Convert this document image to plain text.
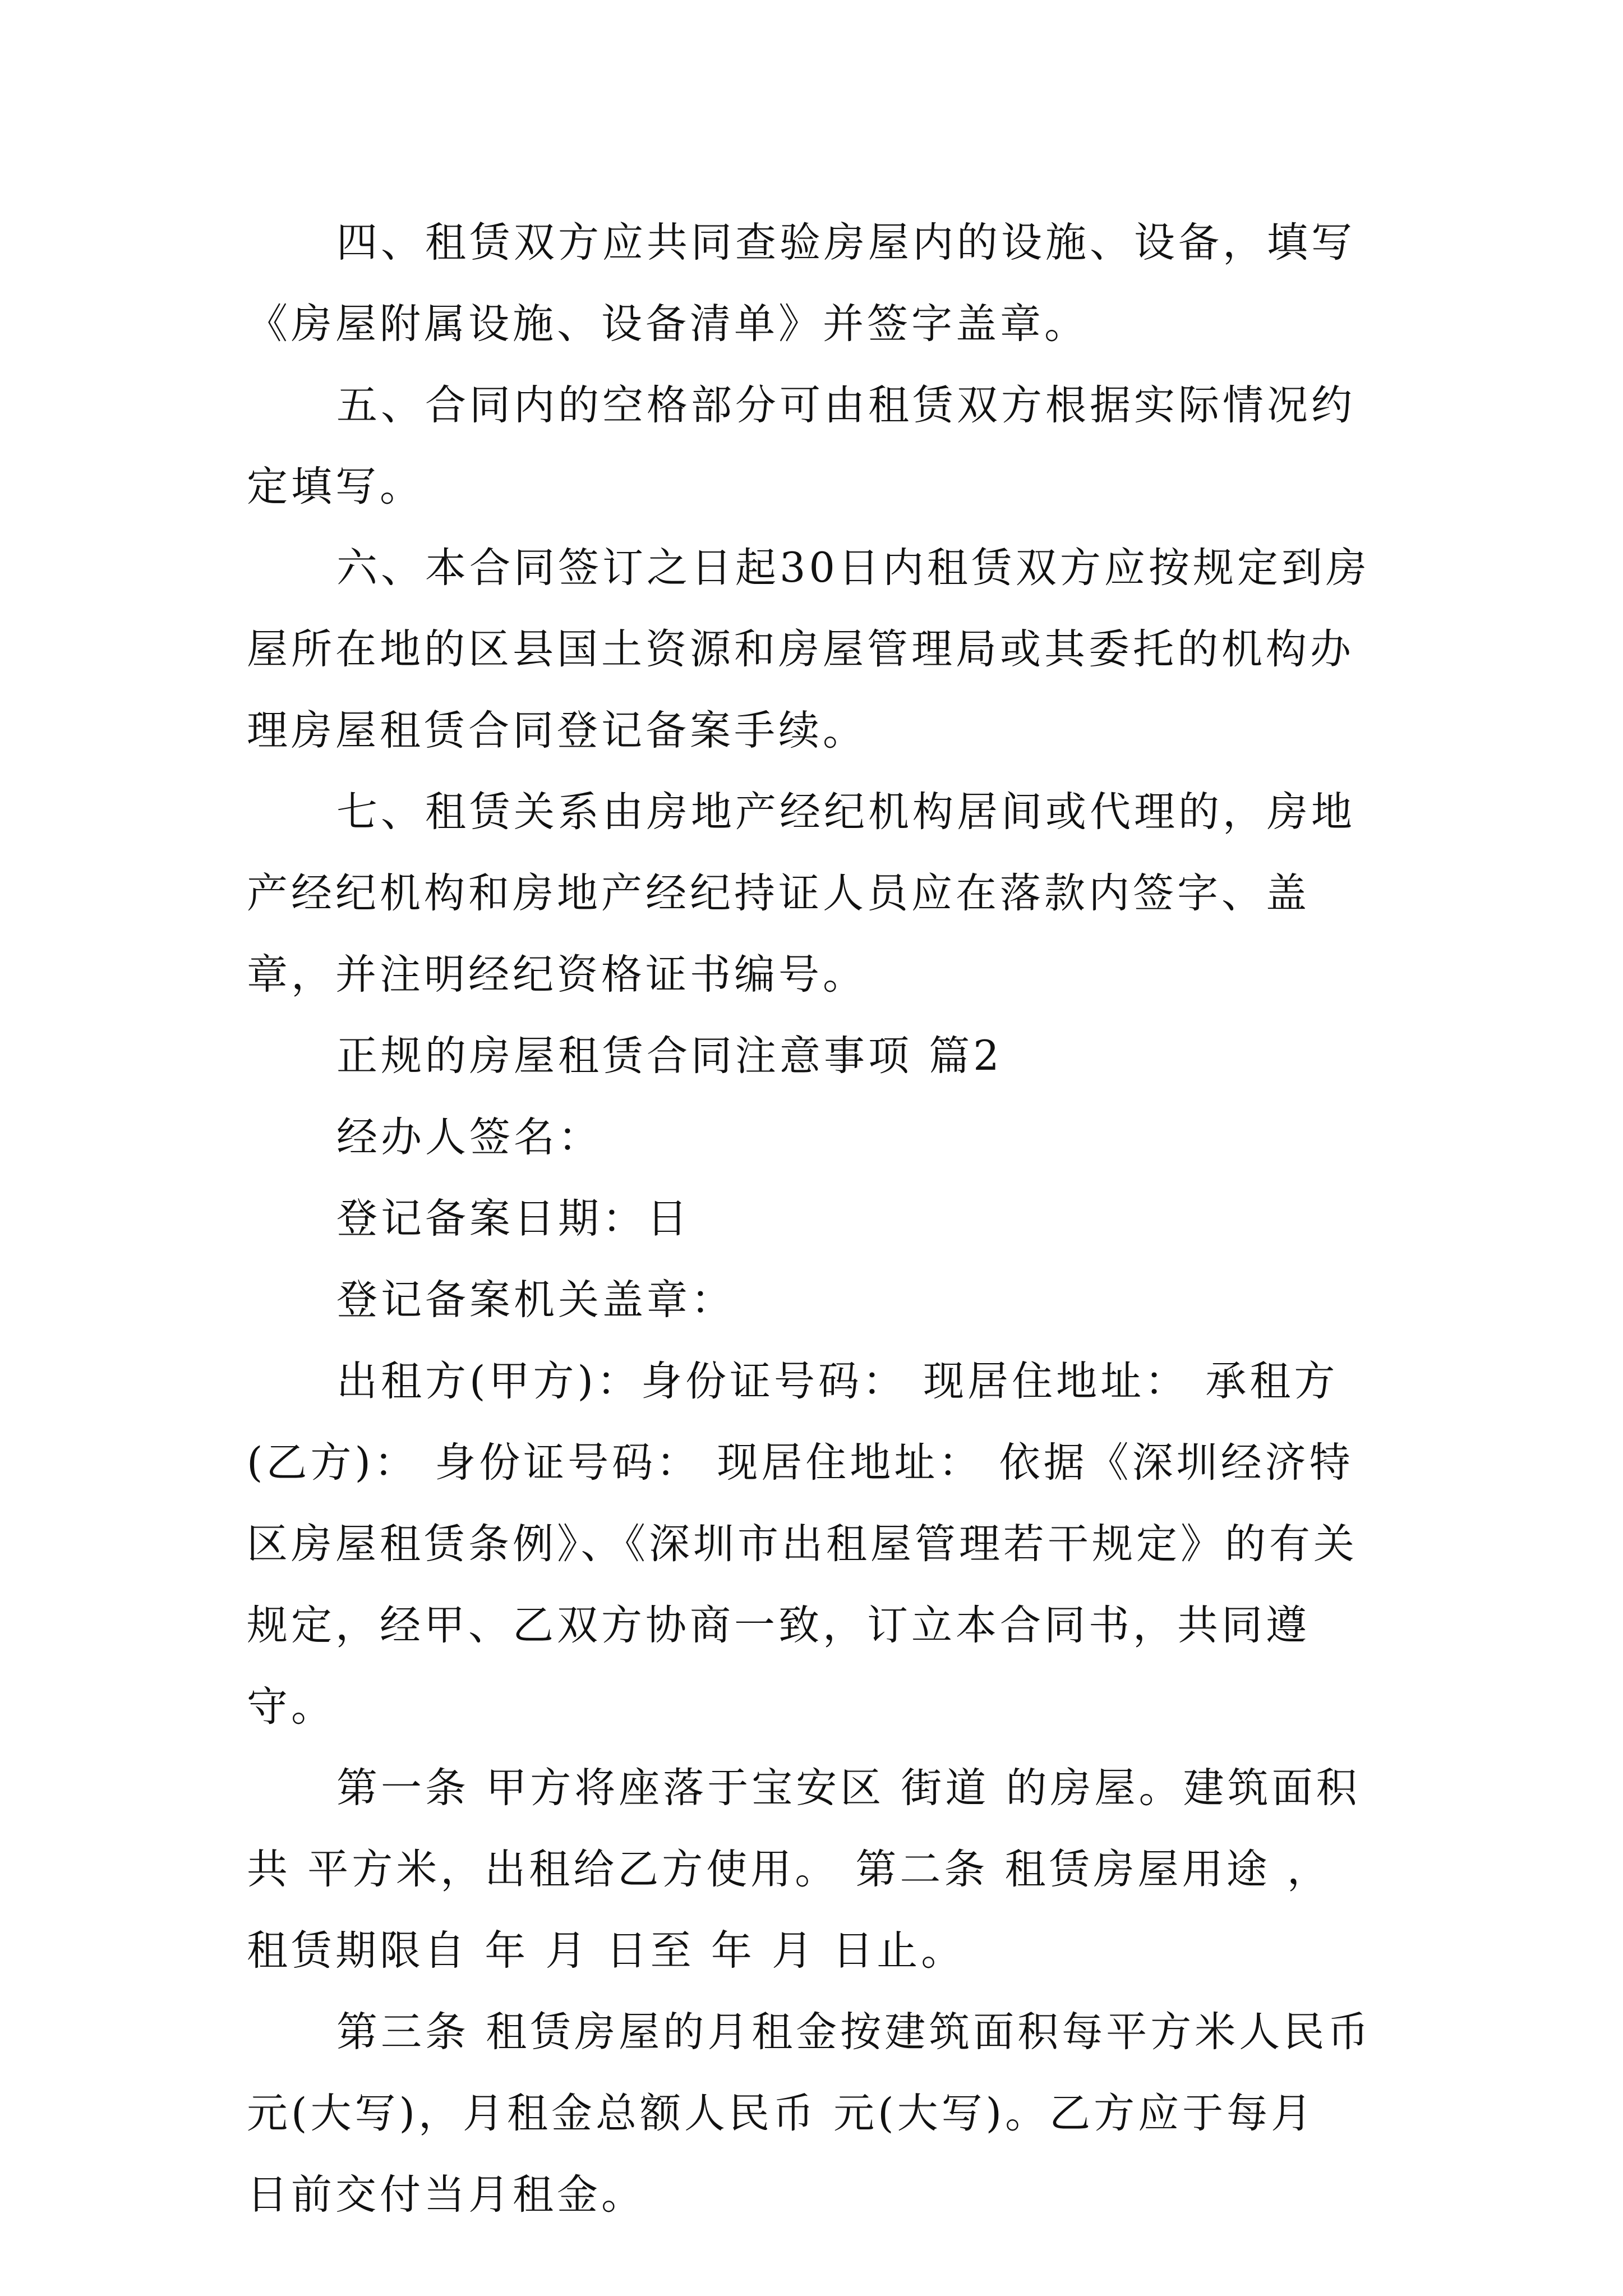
四、租赁双方应共同查验房屋内的设施、设备，填写《房屋附属设施、设备清单》并签字盖章。

五、合同内的空格部分可由租赁双方根据实际情况约定填写。

六、本合同签订之日起30日内租赁双方应按规定到房屋所在地的区县国土资源和房屋管理局或其委托的机构办理房屋租赁合同登记备案手续。

七、租赁关系由房地产经纪机构居间或代理的，房地产经纪机构和房地产经纪持证人员应在落款内签字、盖章，并注明经纪资格证书编号。

正规的房屋租赁合同注意事项 篇2

经办人签名：

登记备案日期：日

登记备案机关盖章：

出租方(甲方)：身份证号码： 现居住地址： 承租方(乙方)： 身份证号码： 现居住地址： 依据《深圳经济特区房屋租赁条例》、《深圳市出租屋管理若干规定》的有关规定，经甲、乙双方协商一致，订立本合同书，共同遵守。

第一条 甲方将座落于宝安区 街道 的房屋。建筑面积共 平方米，出租给乙方使用。 第二条 租赁房屋用途 ，租赁期限自 年 月 日至 年 月 日止。

第三条 租赁房屋的月租金按建筑面积每平方米人民币元(大写)，月租金总额人民币 元(大写)。乙方应于每月 日前交付当月租金。
